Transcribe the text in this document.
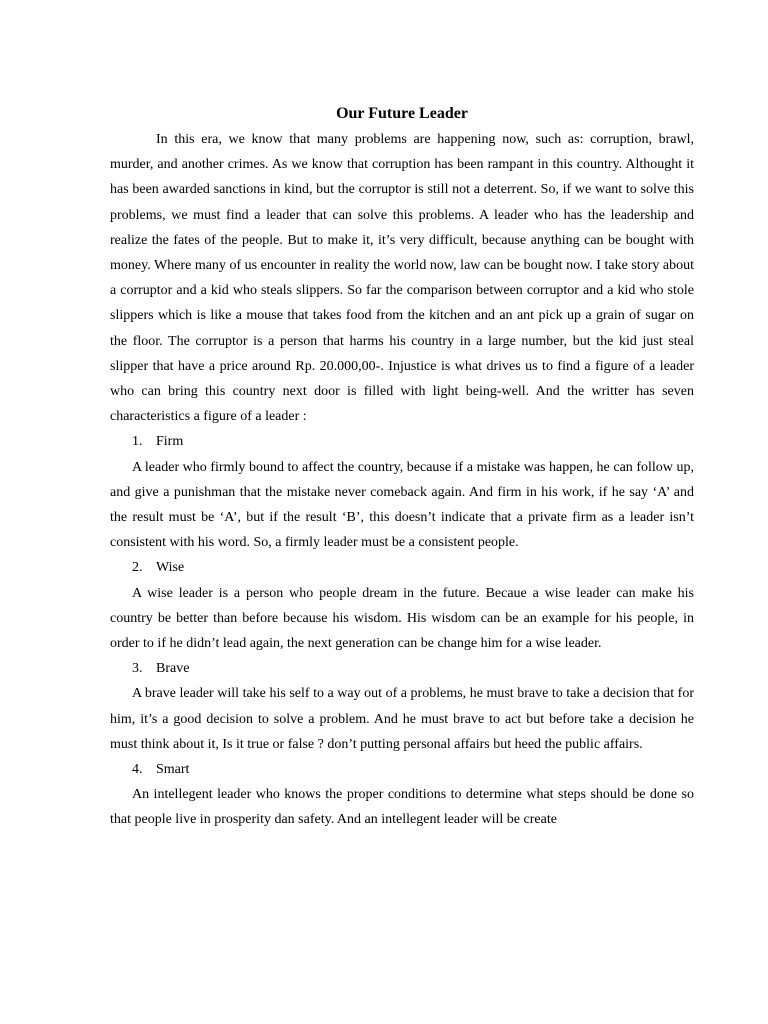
Our Future Leader

In this era, we know that many problems are happening now, such as: corruption, brawl, murder, and another crimes. As we know that corruption has been rampant in this country. Althought it has been awarded sanctions in kind, but the corruptor is still not a deterrent. So, if we want to solve this problems, we must find a leader that can solve this problems. A leader who has the leadership and realize the fates of the people. But to make it, it’s very difficult, because anything can be bought with money. Where many of us encounter in reality the world now, law can be bought now. I take story about a corruptor and a kid who steals slippers. So far the comparison between corruptor and a kid who stole slippers which is like a mouse that takes food from the kitchen and an ant pick up a grain of sugar on the floor. The corruptor is a person that harms his country in a large number, but the kid just steal slipper that have a price around Rp. 20.000,00-. Injustice is what drives us to find a figure of a leader who can bring this country next door is filled with light being-well. And the writter has seven characteristics a figure of a leader :

1. Firm

A leader who firmly bound to affect the country, because if a mistake was happen, he can follow up, and give a punishman that the mistake never comeback again. And firm in his work, if he say ‘A’ and the result must be ‘A’, but if the result ‘B’, this doesn’t indicate that a private firm as a leader isn’t consistent with his word. So, a firmly leader must be a consistent people.

2. Wise

A wise leader is a person who people dream in the future. Becaue a wise leader can make his country be better than before because his wisdom. His wisdom can be an example for his people, in order to if he didn’t lead again, the next generation can be change him for a wise leader.

3. Brave

A brave leader will take his self to a way out of a problems, he must brave to take a decision that for him, it’s a good decision to solve a problem. And he must brave to act but before take a decision he must think about it, Is it true or false ? don’t putting personal affairs but heed the public affairs.

4. Smart

An intellegent leader who knows the proper conditions to determine what steps should be done so that people live in prosperity dan safety. And an intellegent leader will be create
